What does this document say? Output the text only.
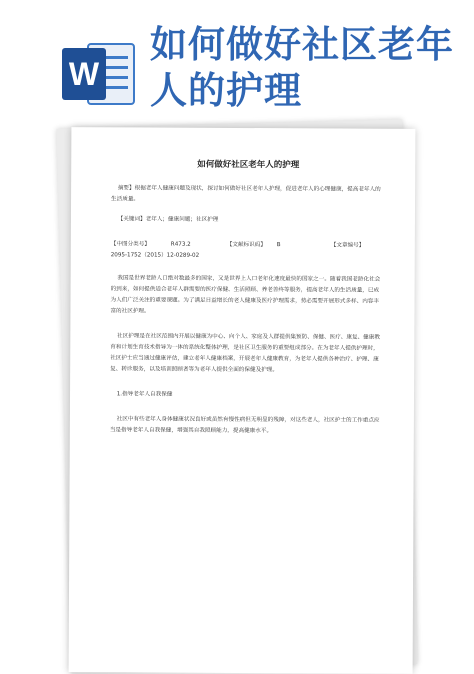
W
如何做好社区老年
人的护理

如何做好社区老年人的护理

摘要】根据老年人健康问题及现状，探讨如何做好社区老年人护理，促进老年人的心理健康，提高老年人的生活质量。

【关键词】老年人；健康问题；社区护理

【中图分类号】	R473.2	【文献标识码】	B	【文章编号】

2095-1752（2015）12-0289-02

我国是世界老龄人口绝对数最多的国家，又是世界上人口老年化速度最快的国家之一。随着我国老龄化社会的到来，如何提供适合老年人群需要的医疗保健、生活照顾、养老善终等服务，提高老年人的生活质量，已成为人们广泛关注的重要课题。为了满足日益增长的老人健康及医疗护理需求，势必需要开展形式多样、内容丰富的社区护理。

社区护理是在社区范围内开展以健康为中心、向个人、家庭及人群提供集预防、保健、医疗、康复、健康教育和计划生育技术指导为一体的系统化整体护理，是社区卫生服务的重要组成部分。在为老年人提供护理时，社区护士应当通过健康评估，建立老年人健康档案，开展老年人健康教育，为老年人提供各种治疗、护理、康复、转诊服务，以及培训照顾者等为老年人提供全面的保健及护理。

1.指导老年人自我保健

社区中有些老年人身体健康状况良好或虽然有慢性病但无明显的残障，对这些老人，社区护士的工作重点应当是指导老年人自我保健，增强其自我照顾能力，提高健康水平。
